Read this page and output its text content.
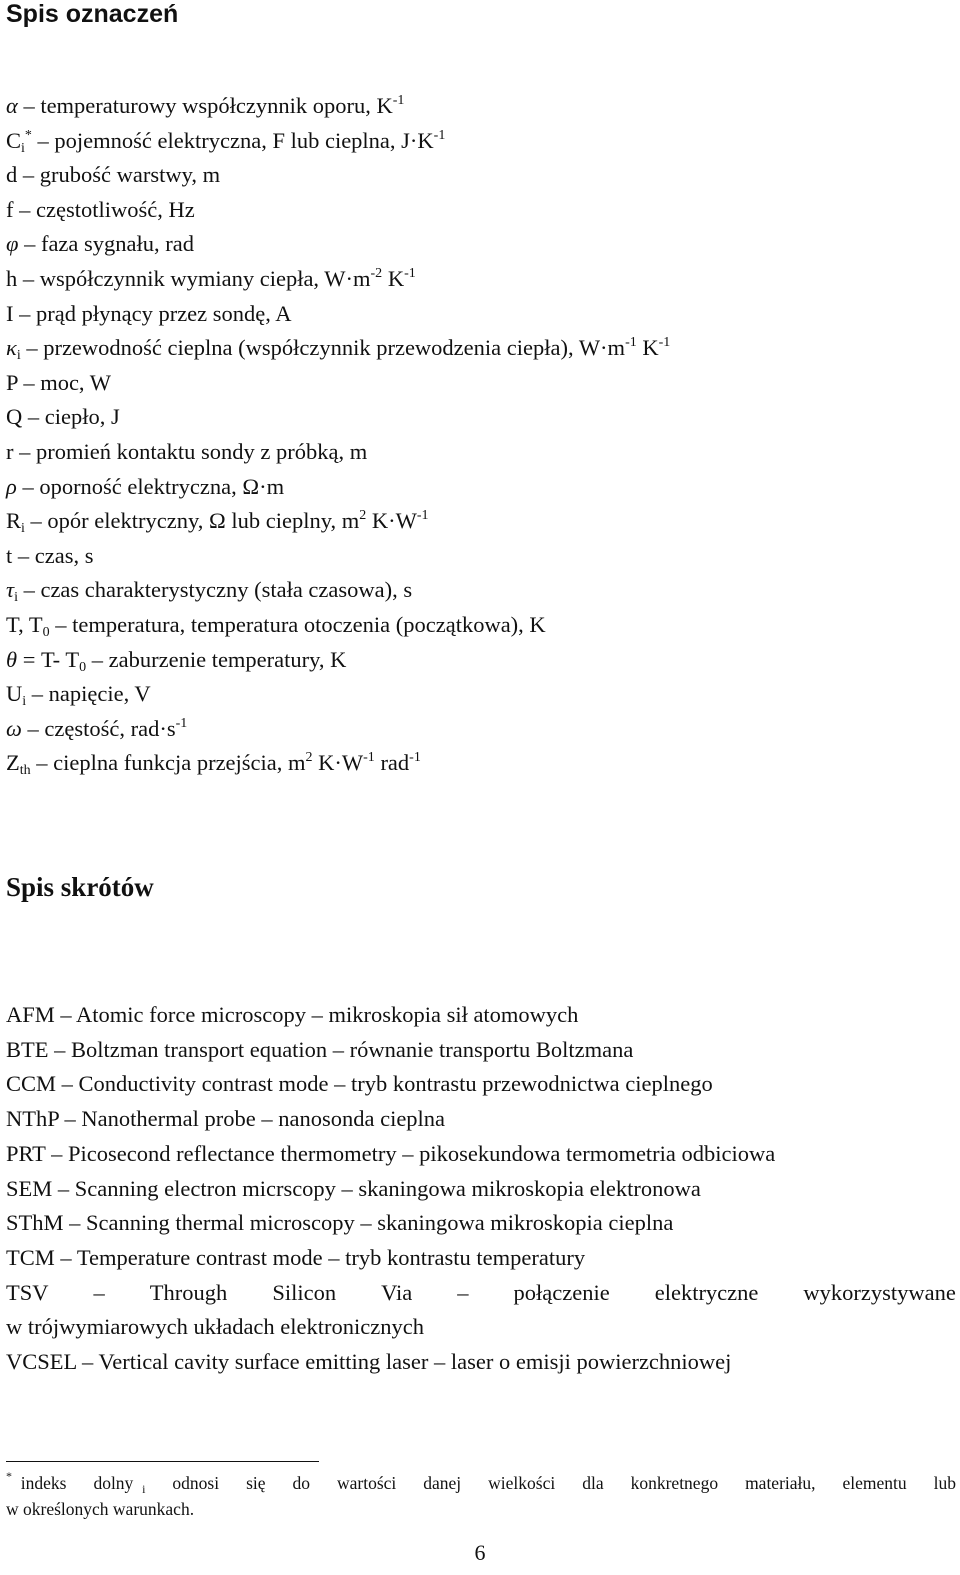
Spis oznaczeń
α – temperaturowy współczynnik oporu, $K^{-1}$
$C_i^*$ – pojemność elektryczna, F lub cieplna, $J\cdot K^{-1}$
d – grubość warstwy, m
f – częstotliwość, Hz
φ – faza sygnału, rad
h – współczynnik wymiany ciepła, $W\cdot m^{-2}$ $K^{-1}$
I – prąd płynący przez sondę, A
$\kappa_i$ – przewodność cieplna (współczynnik przewodzenia ciepła), $W\cdot m^{-1}$ $K^{-1}$
P – moc, W
Q – ciepło, J
r – promień kontaktu sondy z próbką, m
ρ – oporność elektryczna, Ω·m
$R_i$ – opór elektryczny, Ω lub cieplny, $m^2$ $K\cdot W^{-1}$
t – czas, s
$\tau_i$ – czas charakterystyczny (stała czasowa), s
T, $T_0$ – temperatura, temperatura otoczenia (początkowa), K
θ = T- $T_0$ – zaburzenie temperatury, K
$U_i$ – napięcie, V
ω – częstość, $rad\cdot s^{-1}$
$Z_{th}$ – cieplna funkcja przejścia, $m^2$ $K\cdot W^{-1}$ rad$^{-1}$
Spis skrótów
AFM – Atomic force microscopy – mikroskopia sił atomowych
BTE – Boltzman transport equation – równanie transportu Boltzmana
CCM – Conductivity contrast mode – tryb kontrastu przewodnictwa cieplnego
NThP – Nanothermal probe – nanosonda cieplna
PRT – Picosecond reflectance thermometry – pikosekundowa termometria odbiciowa
SEM – Scanning electron micrscopy – skaningowa mikroskopia elektronowa
SThM – Scanning thermal microscopy – skaningowa mikroskopia cieplna
TCM – Temperature contrast mode – tryb kontrastu temperatury
TSV – Through Silicon Via – połączenie elektryczne wykorzystywane
w trójwymiarowych układach elektronicznych
VCSEL – Vertical cavity surface emitting laser – laser o emisji powierzchniowej
*  indeks dolny  $_i$ odnosi się do wartości danej wielkości dla konkretnego materiału, elementu lub
w określonych warunkach.
6
